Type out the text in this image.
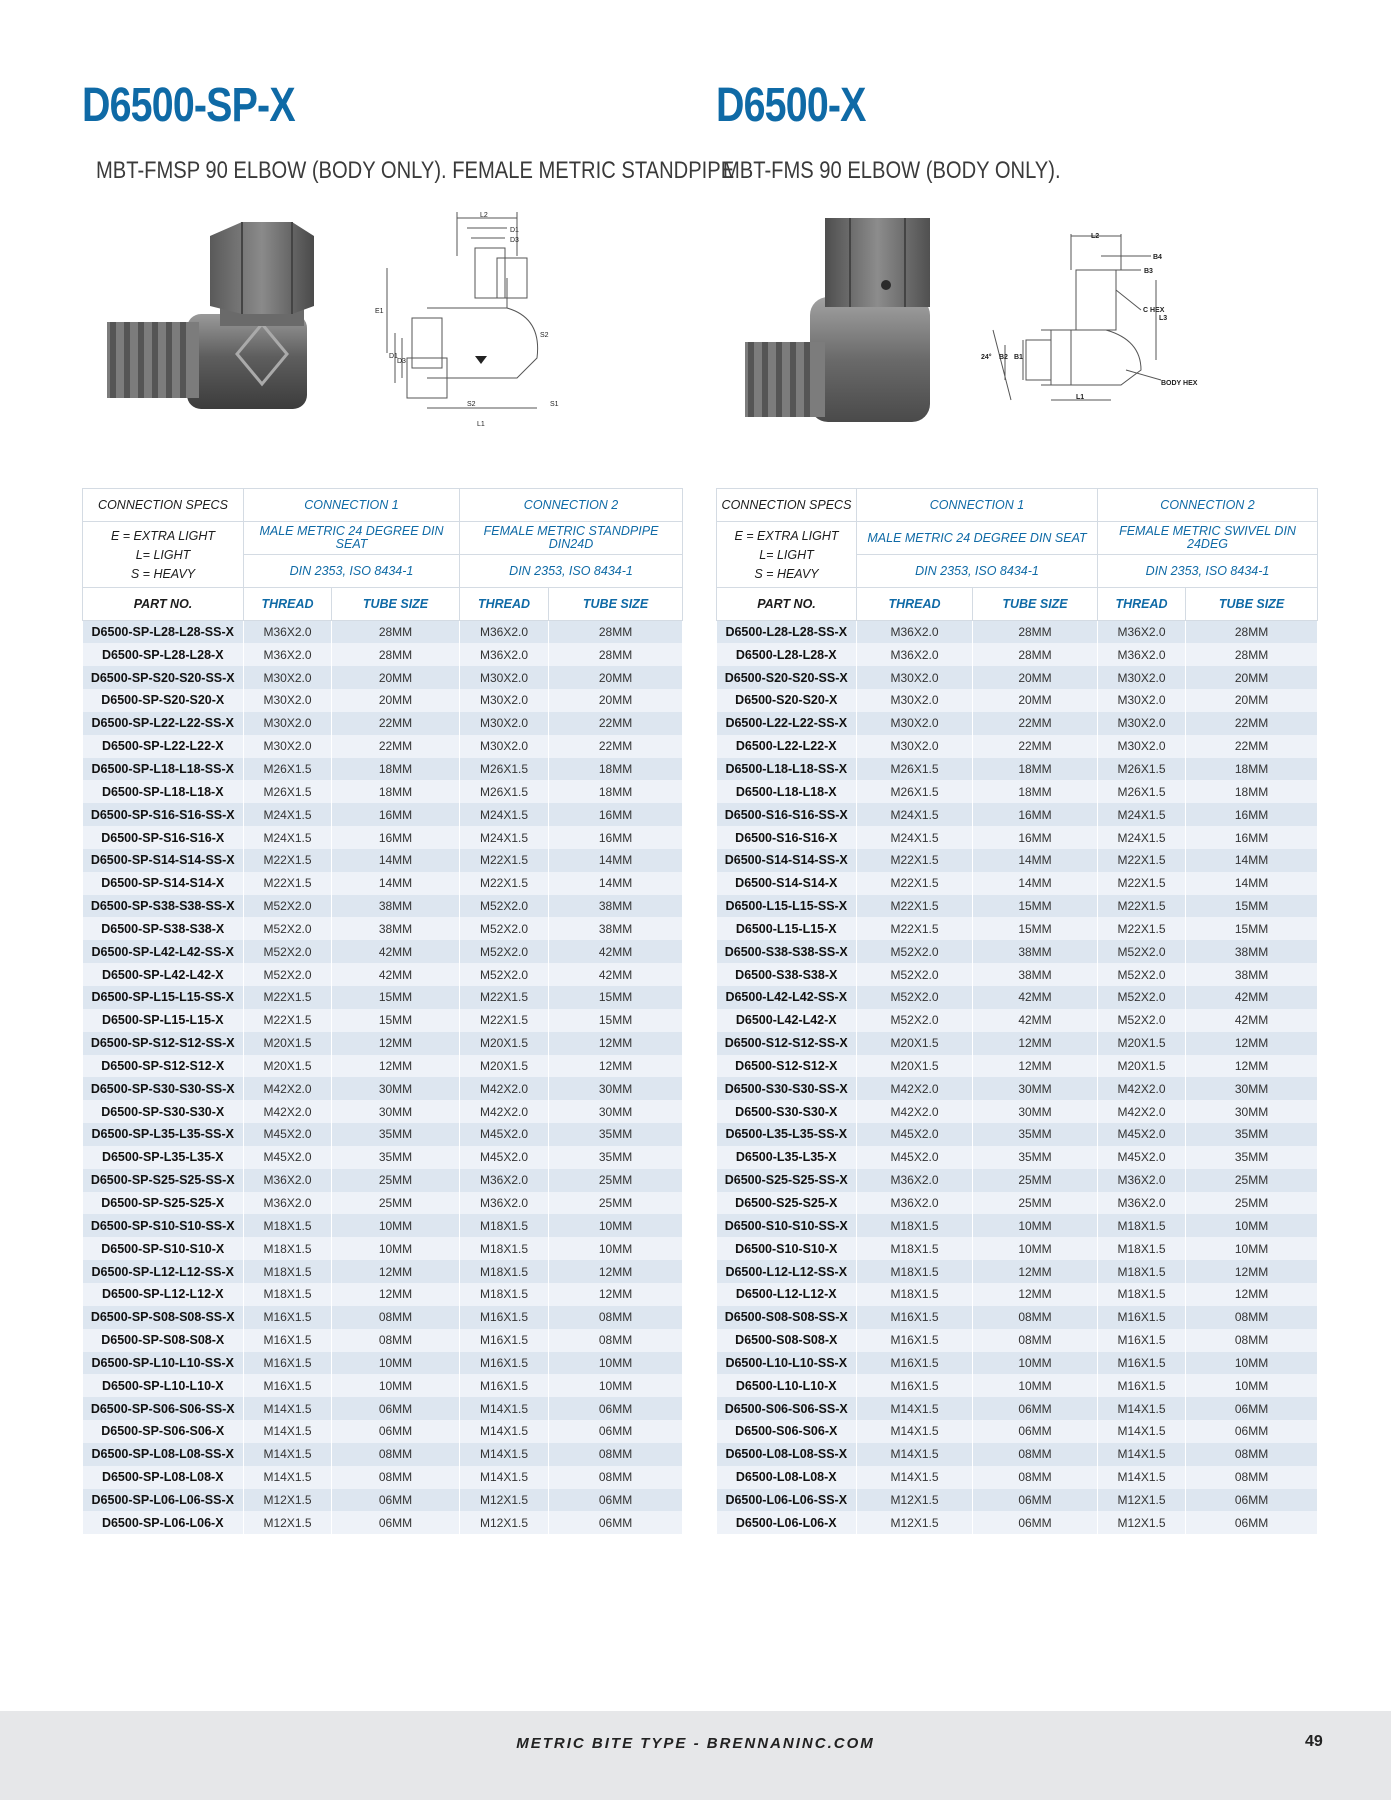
D6500-SP-X
MBT-FMSP 90 ELBOW (BODY ONLY). FEMALE METRIC STANDPIPE
L2
D1
D3
E1
S2
D1
D3
S2	S1
L1
CONNECTION SPECS	CONNECTION 1		CONNECTION 2	

E = EXTRA LIGHT
L= LIGHT
S = HEAVY	MALE METRIC 24 DEGREE DIN SEAT		FEMALE METRIC STANDPIPE DIN24D	
	DIN 2353, ISO 8434-1		DIN 2353, ISO 8434-1	
PART NO.	THREAD	TUBE SIZE	THREAD	TUBE SIZE
D6500-SP-L28-L28-SS-X	M36X2.0	28MM	M36X2.0	28MM
D6500-SP-L28-L28-X	M36X2.0	28MM	M36X2.0	28MM
D6500-SP-S20-S20-SS-X	M30X2.0	20MM	M30X2.0	20MM
D6500-SP-S20-S20-X	M30X2.0	20MM	M30X2.0	20MM
D6500-SP-L22-L22-SS-X	M30X2.0	22MM	M30X2.0	22MM
D6500-SP-L22-L22-X	M30X2.0	22MM	M30X2.0	22MM
D6500-SP-L18-L18-SS-X	M26X1.5	18MM	M26X1.5	18MM
D6500-SP-L18-L18-X	M26X1.5	18MM	M26X1.5	18MM
D6500-SP-S16-S16-SS-X	M24X1.5	16MM	M24X1.5	16MM
D6500-SP-S16-S16-X	M24X1.5	16MM	M24X1.5	16MM
D6500-SP-S14-S14-SS-X	M22X1.5	14MM	M22X1.5	14MM
D6500-SP-S14-S14-X	M22X1.5	14MM	M22X1.5	14MM
D6500-SP-S38-S38-SS-X	M52X2.0	38MM	M52X2.0	38MM
D6500-SP-S38-S38-X	M52X2.0	38MM	M52X2.0	38MM
D6500-SP-L42-L42-SS-X	M52X2.0	42MM	M52X2.0	42MM
D6500-SP-L42-L42-X	M52X2.0	42MM	M52X2.0	42MM
D6500-SP-L15-L15-SS-X	M22X1.5	15MM	M22X1.5	15MM
D6500-SP-L15-L15-X	M22X1.5	15MM	M22X1.5	15MM
D6500-SP-S12-S12-SS-X	M20X1.5	12MM	M20X1.5	12MM
D6500-SP-S12-S12-X	M20X1.5	12MM	M20X1.5	12MM
D6500-SP-S30-S30-SS-X	M42X2.0	30MM	M42X2.0	30MM
D6500-SP-S30-S30-X	M42X2.0	30MM	M42X2.0	30MM
D6500-SP-L35-L35-SS-X	M45X2.0	35MM	M45X2.0	35MM
D6500-SP-L35-L35-X	M45X2.0	35MM	M45X2.0	35MM
D6500-SP-S25-S25-SS-X	M36X2.0	25MM	M36X2.0	25MM
D6500-SP-S25-S25-X	M36X2.0	25MM	M36X2.0	25MM
D6500-SP-S10-S10-SS-X	M18X1.5	10MM	M18X1.5	10MM
D6500-SP-S10-S10-X	M18X1.5	10MM	M18X1.5	10MM
D6500-SP-L12-L12-SS-X	M18X1.5	12MM	M18X1.5	12MM
D6500-SP-L12-L12-X	M18X1.5	12MM	M18X1.5	12MM
D6500-SP-S08-S08-SS-X	M16X1.5	08MM	M16X1.5	08MM
D6500-SP-S08-S08-X	M16X1.5	08MM	M16X1.5	08MM
D6500-SP-L10-L10-SS-X	M16X1.5	10MM	M16X1.5	10MM
D6500-SP-L10-L10-X	M16X1.5	10MM	M16X1.5	10MM
D6500-SP-S06-S06-SS-X	M14X1.5	06MM	M14X1.5	06MM
D6500-SP-S06-S06-X	M14X1.5	06MM	M14X1.5	06MM
D6500-SP-L08-L08-SS-X	M14X1.5	08MM	M14X1.5	08MM
D6500-SP-L08-L08-X	M14X1.5	08MM	M14X1.5	08MM
D6500-SP-L06-L06-SS-X	M12X1.5	06MM	M12X1.5	06MM
D6500-SP-L06-L06-X	M12X1.5	06MM	M12X1.5	06MM
D6500-X
MBT-FMS 90 ELBOW (BODY ONLY).
L2
B4
B3
C HEX
L3
24° B2 B1
BODY HEX
L1
CONNECTION SPECS	CONNECTION 1		CONNECTION 2	

E = EXTRA LIGHT
L= LIGHT
S = HEAVY	MALE METRIC 24 DEGREE DIN SEAT		FEMALE METRIC SWIVEL DIN 24DEG	
	DIN 2353, ISO 8434-1		DIN 2353, ISO 8434-1	
PART NO.	THREAD	TUBE SIZE	THREAD	TUBE SIZE
D6500-L28-L28-SS-X	M36X2.0	28MM	M36X2.0	28MM
D6500-L28-L28-X	M36X2.0	28MM	M36X2.0	28MM
D6500-S20-S20-SS-X	M30X2.0	20MM	M30X2.0	20MM
D6500-S20-S20-X	M30X2.0	20MM	M30X2.0	20MM
D6500-L22-L22-SS-X	M30X2.0	22MM	M30X2.0	22MM
D6500-L22-L22-X	M30X2.0	22MM	M30X2.0	22MM
D6500-L18-L18-SS-X	M26X1.5	18MM	M26X1.5	18MM
D6500-L18-L18-X	M26X1.5	18MM	M26X1.5	18MM
D6500-S16-S16-SS-X	M24X1.5	16MM	M24X1.5	16MM
D6500-S16-S16-X	M24X1.5	16MM	M24X1.5	16MM
D6500-S14-S14-SS-X	M22X1.5	14MM	M22X1.5	14MM
D6500-S14-S14-X	M22X1.5	14MM	M22X1.5	14MM
D6500-L15-L15-SS-X	M22X1.5	15MM	M22X1.5	15MM
D6500-L15-L15-X	M22X1.5	15MM	M22X1.5	15MM
D6500-S38-S38-SS-X	M52X2.0	38MM	M52X2.0	38MM
D6500-S38-S38-X	M52X2.0	38MM	M52X2.0	38MM
D6500-L42-L42-SS-X	M52X2.0	42MM	M52X2.0	42MM
D6500-L42-L42-X	M52X2.0	42MM	M52X2.0	42MM
D6500-S12-S12-SS-X	M20X1.5	12MM	M20X1.5	12MM
D6500-S12-S12-X	M20X1.5	12MM	M20X1.5	12MM
D6500-S30-S30-SS-X	M42X2.0	30MM	M42X2.0	30MM
D6500-S30-S30-X	M42X2.0	30MM	M42X2.0	30MM
D6500-L35-L35-SS-X	M45X2.0	35MM	M45X2.0	35MM
D6500-L35-L35-X	M45X2.0	35MM	M45X2.0	35MM
D6500-S25-S25-SS-X	M36X2.0	25MM	M36X2.0	25MM
D6500-S25-S25-X	M36X2.0	25MM	M36X2.0	25MM
D6500-S10-S10-SS-X	M18X1.5	10MM	M18X1.5	10MM
D6500-S10-S10-X	M18X1.5	10MM	M18X1.5	10MM
D6500-L12-L12-SS-X	M18X1.5	12MM	M18X1.5	12MM
D6500-L12-L12-X	M18X1.5	12MM	M18X1.5	12MM
D6500-S08-S08-SS-X	M16X1.5	08MM	M16X1.5	08MM
D6500-S08-S08-X	M16X1.5	08MM	M16X1.5	08MM
D6500-L10-L10-SS-X	M16X1.5	10MM	M16X1.5	10MM
D6500-L10-L10-X	M16X1.5	10MM	M16X1.5	10MM
D6500-S06-S06-SS-X	M14X1.5	06MM	M14X1.5	06MM
D6500-S06-S06-X	M14X1.5	06MM	M14X1.5	06MM
D6500-L08-L08-SS-X	M14X1.5	08MM	M14X1.5	08MM
D6500-L08-L08-X	M14X1.5	08MM	M14X1.5	08MM
D6500-L06-L06-SS-X	M12X1.5	06MM	M12X1.5	06MM
D6500-L06-L06-X	M12X1.5	06MM	M12X1.5	06MM
METRIC BITE TYPE - BRENNANINC.COM	49
